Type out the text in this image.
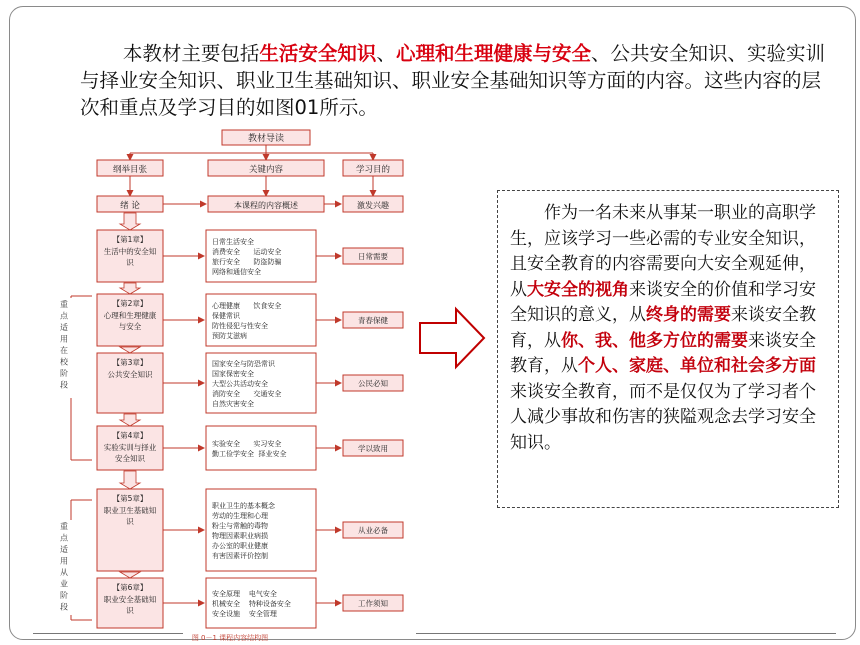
本教材主要包括生活安全知识、心理和生理健康与安全、公共安全知识、实验实训与择业安全知识、职业卫生基础知识、职业安全基础知识等方面的内容。这些内容的层次和重点及学习目的如图01所示。
【第1章】
生活中的安全知
识
日常生活安全
消费安全      运动安全
旅行安全      防盗防骗
网络和通信安全
日常需要
【第2章】
心理和生理健康
与安全
心理健康      饮食安全
保健常识
防性侵犯与性安全
预防艾滋病
青春保健
【第3章】
公共安全知识
国家安全与防恐常识
国家保密安全
大型公共活动安全
消防安全      交通安全
自然灾害安全
公民必知
【第4章】
实验实训与择业
安全知识
实验安全      实习安全
勤工俭学安全  择业安全
学以致用
【第5章】
职业卫生基础知
识
职业卫生的基本概念
劳动的生理和心理
粉尘与常触的毒物
物理因素职业病损
办公室的职业健康
有害因素评价控制
从业必备
【第6章】
职业安全基础知
识
安全原理    电气安全
机械安全    特种设备安全
安全设施    安全管理
工作须知
重点适用在校阶段
重点适用从业阶段
教材导读
纲举目张	关键内容	学习目的
绪 论	本课程的内容概述	激发兴趣
图 0－1 课程内容结构图
作为一名未来从事某一职业的高职学生，应该学习一些必需的专业安全知识，且安全教育的内容需要向大安全观延伸，从大安全的视角来谈安全的价值和学习安全知识的意义，从终身的需要来谈安全教育，从你、我、他多方位的需要来谈安全教育，从个人、家庭、单位和社会多方面来谈安全教育，而不是仅仅为了学习者个人减少事故和伤害的狭隘观念去学习安全知识。
